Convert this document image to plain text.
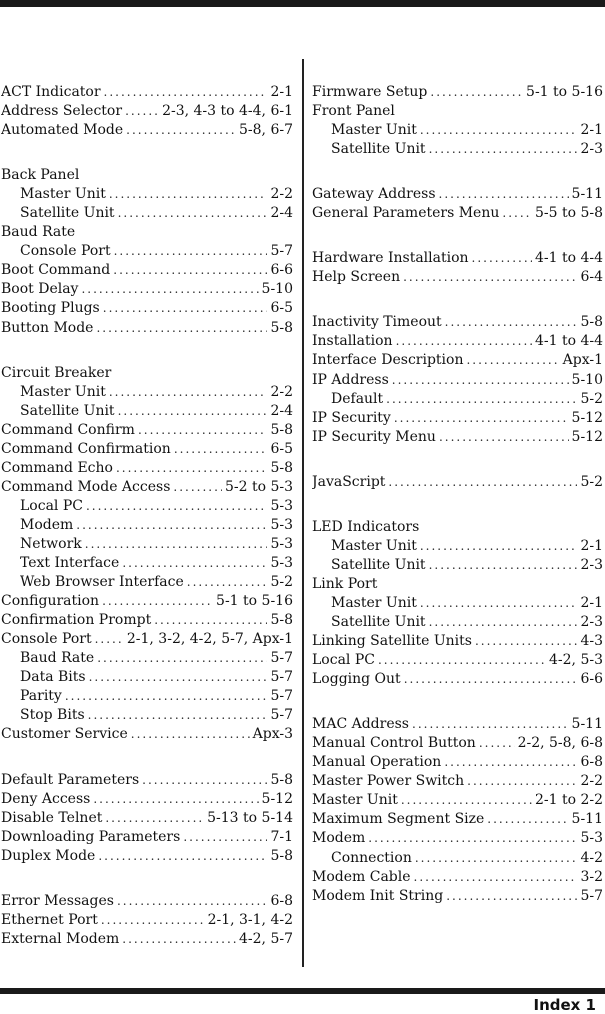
ACT Indicator .....	2-1
Address Selector .....	2-3, 4-3 to 4-4, 6-1
Automated Mode .....	5-8, 6-7
Back Panel
Master Unit .....	2-2
Satellite Unit .....	2-4
Baud Rate
Console Port .....	5-7
Boot Command .....	6-6
Boot Delay .....	5-10
Booting Plugs .....	6-5
Button Mode .....	5-8
Circuit Breaker
Master Unit .....	2-2
Satellite Unit .....	2-4
Command Confirm .....	5-8
Command Confirmation .....	6-5
Command Echo .....	5-8
Command Mode Access .....	5-2 to 5-3
Local PC .....	5-3
Modem .....	5-3
Network .....	5-3
Text Interface .....	5-3
Web Browser Interface .....	5-2
Configuration .....	5-1 to 5-16
Confirmation Prompt .....	5-8
Console Port .....	2-1, 3-2, 4-2, 5-7, Apx-1
Baud Rate .....	5-7
Data Bits .....	5-7
Parity .....	5-7
Stop Bits .....	5-7
Customer Service .....	Apx-3
Default Parameters .....	5-8
Deny Access .....	5-12
Disable Telnet .....	5-13 to 5-14
Downloading Parameters .....	7-1
Duplex Mode .....	5-8
Error Messages .....	6-8
Ethernet Port .....	2-1, 3-1, 4-2
External Modem .....	4-2, 5-7
Firmware Setup .....	5-1 to 5-16
Front Panel
Master Unit .....	2-1
Satellite Unit .....	2-3
Gateway Address .....	5-11
General Parameters Menu .....	5-5 to 5-8
Hardware Installation .....	4-1 to 4-4
Help Screen .....	6-4
Inactivity Timeout .....	5-8
Installation .....	4-1 to 4-4
Interface Description .....	Apx-1
IP Address .....	5-10
Default .....	5-2
IP Security .....	5-12
IP Security Menu .....	5-12
JavaScript .....	5-2
LED Indicators
Master Unit .....	2-1
Satellite Unit .....	2-3
Link Port
Master Unit .....	2-1
Satellite Unit .....	2-3
Linking Satellite Units .....	4-3
Local PC .....	4-2, 5-3
Logging Out .....	6-6
MAC Address .....	5-11
Manual Control Button .....	2-2, 5-8, 6-8
Manual Operation .....	6-8
Master Power Switch .....	2-2
Master Unit .....	2-1 to 2-2
Maximum Segment Size .....	5-11
Modem .....	5-3
Connection .....	4-2
Modem Cable .....	3-2
Modem Init String .....	5-7
Index 1
